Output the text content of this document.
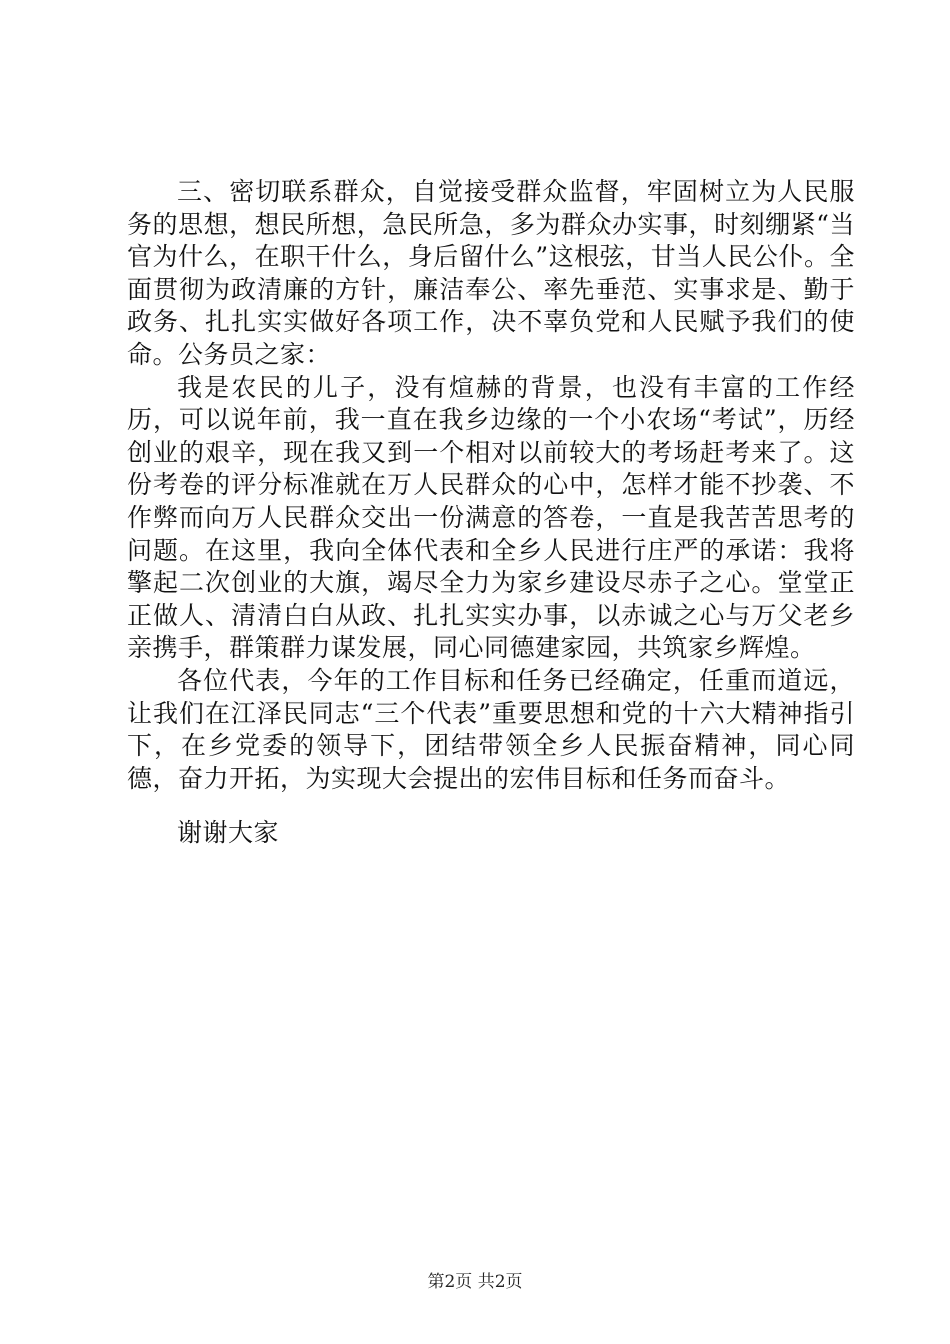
三、密切联系群众，自觉接受群众监督，牢固树立为人民服务的思想，想民所想，急民所急，多为群众办实事，时刻绷紧“当官为什么，在职干什么，身后留什么”这根弦，甘当人民公仆。全面贯彻为政清廉的方针，廉洁奉公、率先垂范、实事求是、勤于政务、扎扎实实做好各项工作，决不辜负党和人民赋予我们的使命。公务员之家：

我是农民的儿子，没有煊赫的背景，也没有丰富的工作经历，可以说年前，我一直在我乡边缘的一个小农场“考试”，历经创业的艰辛，现在我又到一个相对以前较大的考场赶考来了。这份考卷的评分标准就在万人民群众的心中，怎样才能不抄袭、不作弊而向万人民群众交出一份满意的答卷，一直是我苦苦思考的问题。在这里，我向全体代表和全乡人民进行庄严的承诺：我将擎起二次创业的大旗，竭尽全力为家乡建设尽赤子之心。堂堂正正做人、清清白白从政、扎扎实实办事，以赤诚之心与万父老乡亲携手，群策群力谋发展，同心同德建家园，共筑家乡辉煌。

各位代表，今年的工作目标和任务已经确定，任重而道远，让我们在江泽民同志“三个代表”重要思想和党的十六大精神指引下，在乡党委的领导下，团结带领全乡人民振奋精神，同心同德，奋力开拓，为实现大会提出的宏伟目标和任务而奋斗。

谢谢大家

第2页 共2页
